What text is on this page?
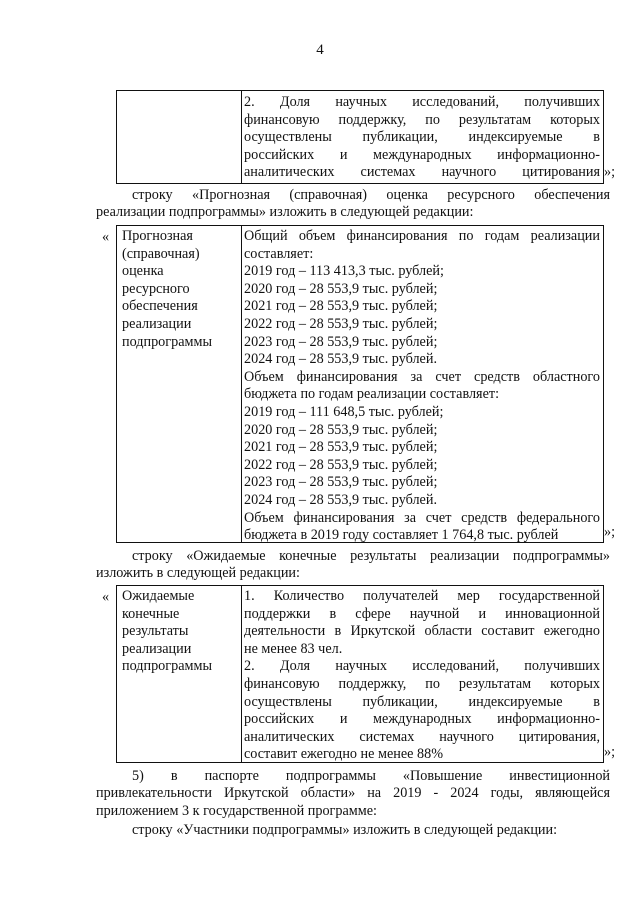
4
2. Доля научных исследований, получивших
финансовую поддержку, по результатам которых
осуществлены публикации, индексируемые в
российских и международных информационно-
аналитических системах научного цитирования »;
строку «Прогнозная (справочная) оценка ресурсного обеспечения
реализации подпрограммы» изложить в следующей редакции:
« Прогнозная
(справочная)
оценка
ресурсного
обеспечения
реализации
подпрограммы
Общий объем финансирования по годам реализации
составляет:
2019 год – 113 413,3 тыс. рублей;
2020 год – 28 553,9 тыс. рублей;
2021 год – 28 553,9 тыс. рублей;
2022 год – 28 553,9 тыс. рублей;
2023 год – 28 553,9 тыс. рублей;
2024 год – 28 553,9 тыс. рублей.
Объем финансирования за счет средств областного
бюджета по годам реализации составляет:
2019 год – 111 648,5 тыс. рублей;
2020 год – 28 553,9 тыс. рублей;
2021 год – 28 553,9 тыс. рублей;
2022 год – 28 553,9 тыс. рублей;
2023 год – 28 553,9 тыс. рублей;
2024 год – 28 553,9 тыс. рублей.
Объем финансирования за счет средств федерального
бюджета в 2019 году составляет 1 764,8 тыс. рублей	»;
строку «Ожидаемые конечные результаты реализации подпрограммы»
изложить в следующей редакции:
« Ожидаемые
конечные
результаты
реализации
подпрограммы
1. Количество получателей мер государственной
поддержки в сфере научной и инновационной
деятельности в Иркутской области составит ежегодно
не менее 83 чел.
2. Доля научных исследований, получивших
финансовую поддержку, по результатам которых
осуществлены публикации, индексируемые в
российских и международных информационно-
аналитических системах научного цитирования,
составит ежегодно не менее 88%	»;
5) в паспорте подпрограммы «Повышение инвестиционной
привлекательности Иркутской области» на 2019 - 2024 годы, являющейся
приложением 3 к государственной программе:
строку «Участники подпрограммы» изложить в следующей редакции:
